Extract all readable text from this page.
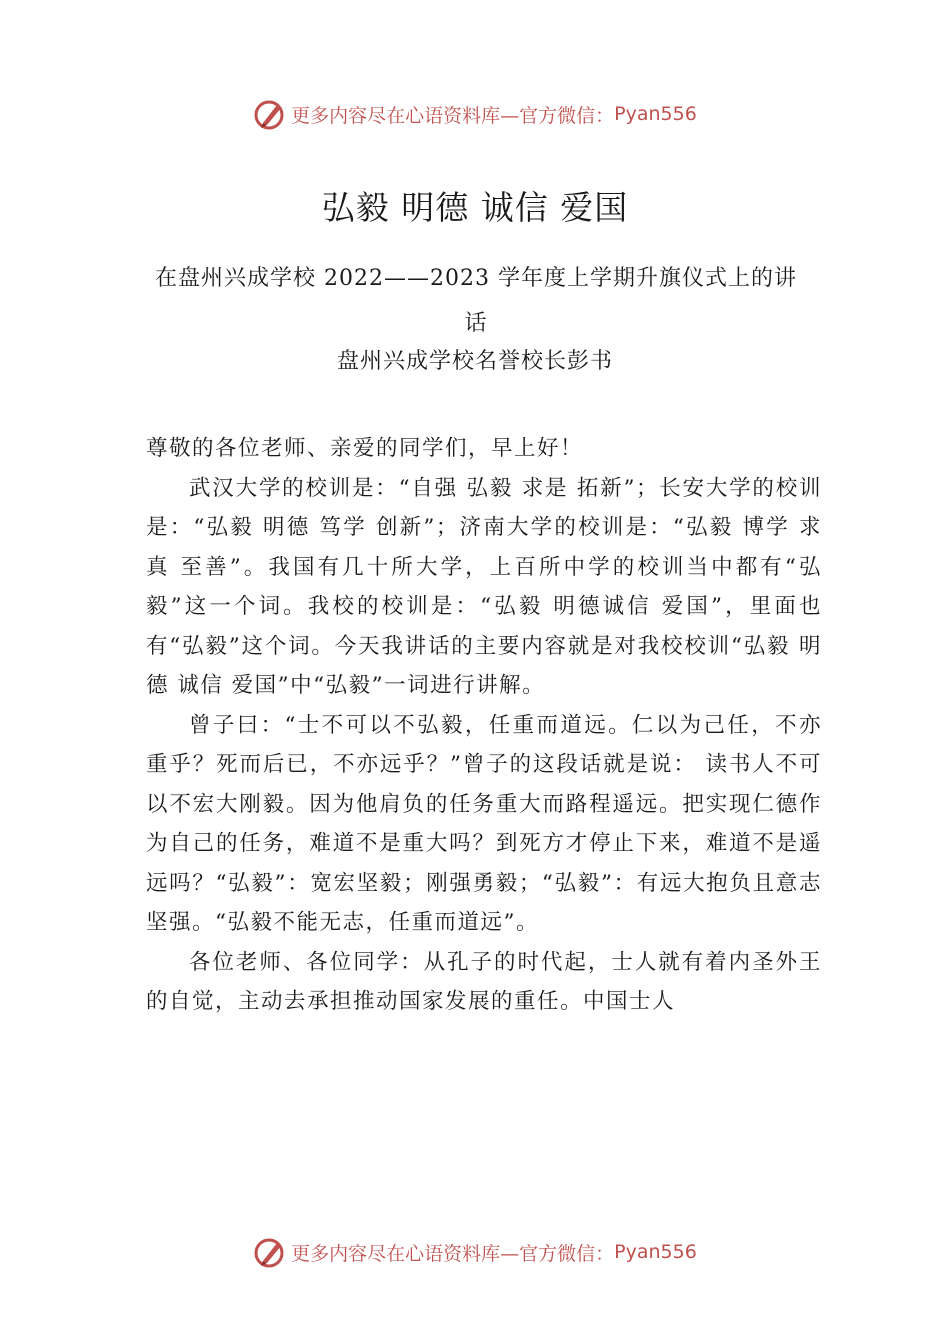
更多内容尽在心语资料库—官方微信： Pyan556
弘毅 明德 诚信 爱国

在盘州兴成学校 2022——2023 学年度上学期升旗仪式上的讲话

盘州兴成学校名誉校长彭书

尊敬的各位老师、亲爱的同学们，早上好！

武汉大学的校训是：“自强 弘毅 求是 拓新”；长安大学的校训是：“弘毅 明德 笃学 创新”；济南大学的校训是：“弘毅 博学 求真 至善”。我国有几十所大学，上百所中学的校训当中都有“弘毅”这一个词。我校的校训是：“弘毅 明德诚信 爱国”，里面也有“弘毅”这个词。今天我讲话的主要内容就是对我校校训“弘毅 明德 诚信 爱国”中“弘毅”一词进行讲解。

曾子曰：“士不可以不弘毅，任重而道远。仁以为己任，不亦重乎？死而后已，不亦远乎？”曾子的这段话就是说： 读书人不可以不宏大刚毅。因为他肩负的任务重大而路程遥远。把实现仁德作为自己的任务，难道不是重大吗？到死方才停止下来，难道不是遥远吗？“弘毅”：宽宏坚毅；刚强勇毅；“弘毅”：有远大抱负且意志坚强。“弘毅不能无志，任重而道远”。

各位老师、各位同学：从孔子的时代起，士人就有着内圣外王的自觉，主动去承担推动国家发展的重任。中国士人

更多内容尽在心语资料库—官方微信： Pyan556
